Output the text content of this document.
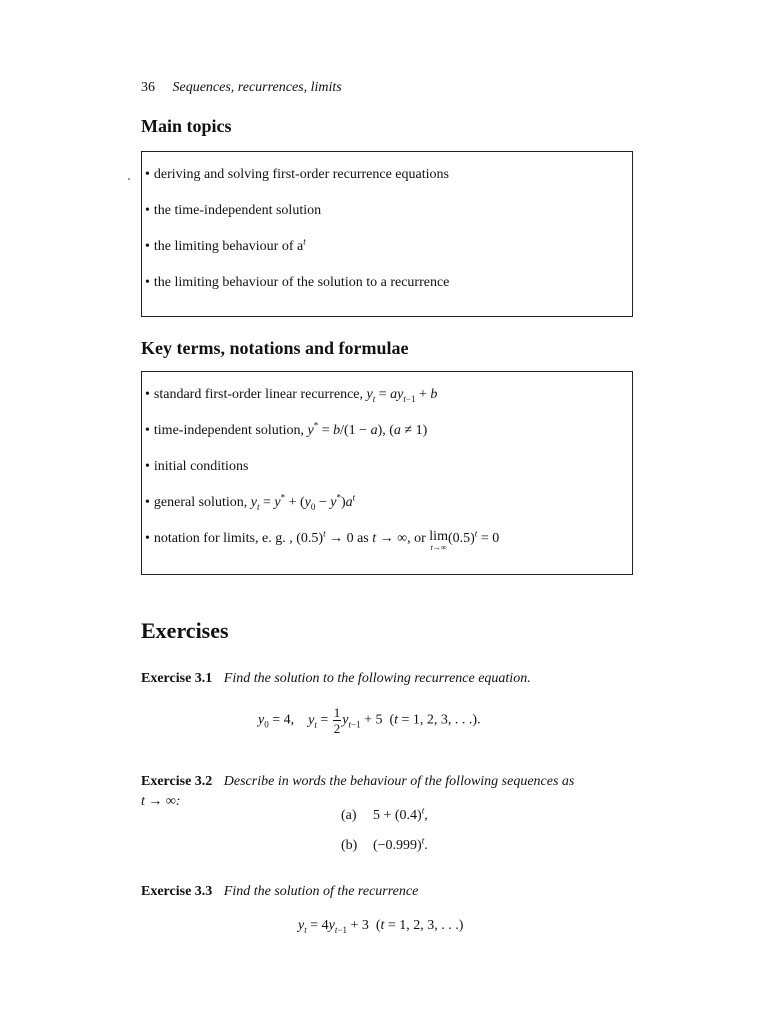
36 Sequences, recurrences, limits
Main topics
• deriving and solving first-order recurrence equations
• the time-independent solution
• the limiting behaviour of $a^t$
• the limiting behaviour of the solution to a recurrence
Key terms, notations and formulae
• standard first-order linear recurrence, $y_t = ay_{t-1} + b$
• time-independent solution, y* = b/(1 − a), (a ≠ 1)
• initial conditions
• general solution, $y_t = y^* + (y_0 - y^*)a^t$
• notation for limits, e. g. , $(0.5)^t \to 0$ as t → ∞, or lim
t→∞
$(0.5)^t = 0$
Exercises
Exercise 3.1 Find the solution to the following recurrence equation.
$y_0 = 4$,    $y_t = \frac{1}{2} y_{t-1} + 5$  (t = 1, 2, 3, . . .).
Exercise 3.2 Describe in words the behaviour of the following sequences as
t → ∞:
(a) $5 + (0.4)^t$,
(b) $(-0.999)^t$.
Exercise 3.3 Find the solution of the recurrence
$y_t = 4y_{t-1} + 3$  (t = 1, 2, 3, . . .)
